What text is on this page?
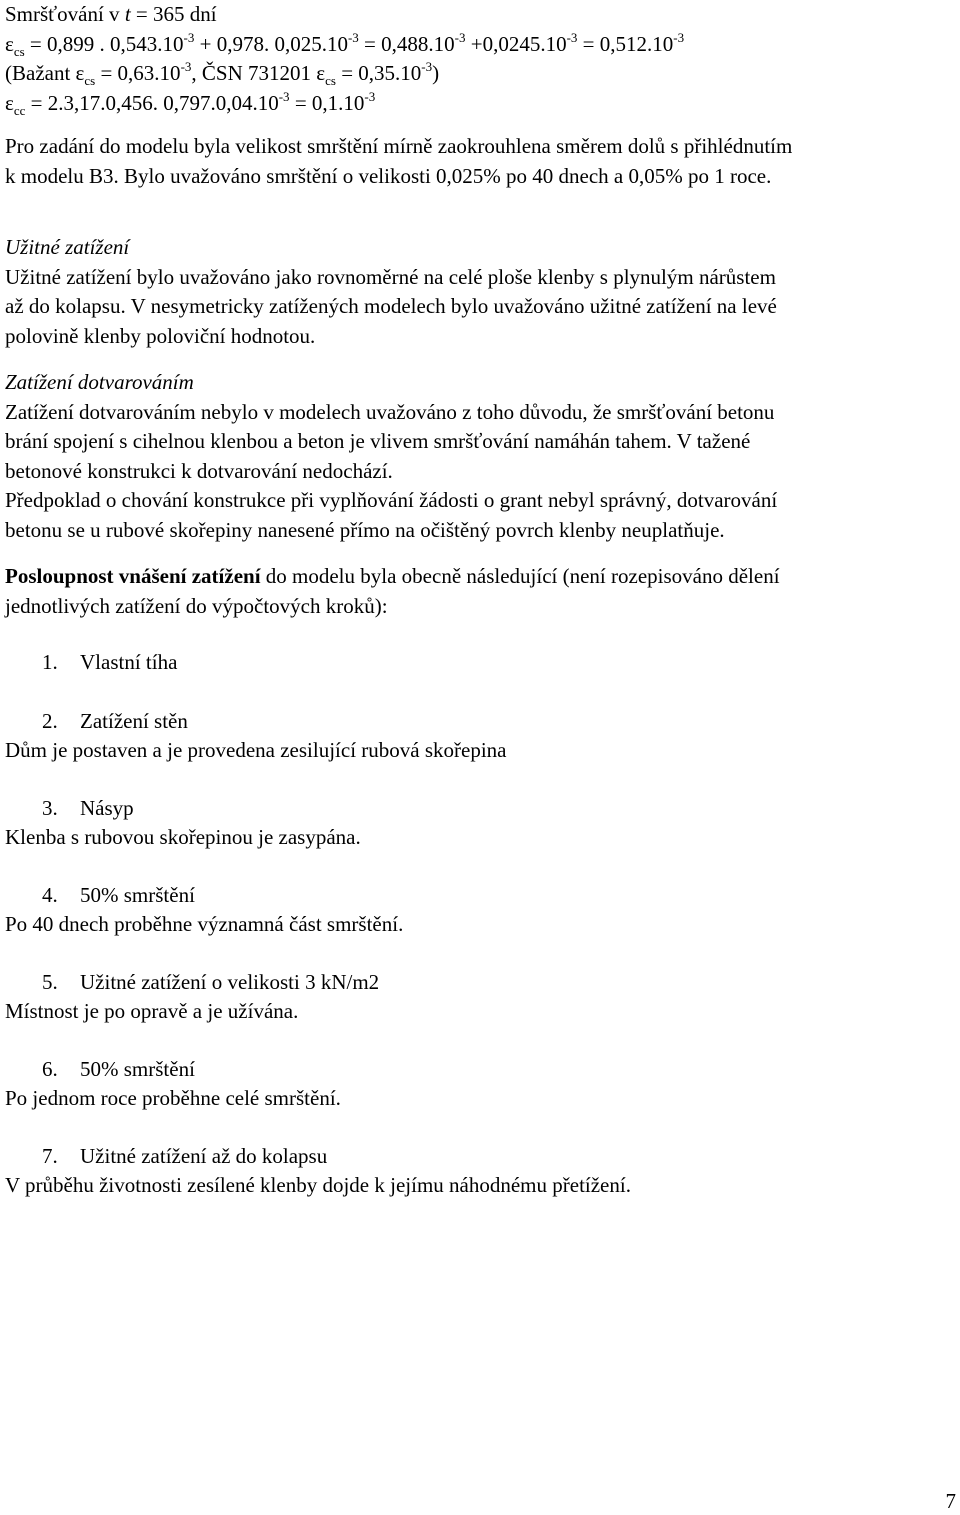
Smršťování v t = 365 dní
$\varepsilon_{cs} = 0,899$ . $0,543.10^{-3} + 0,978$. $0,025.10^{-3} = 0,488.10^{-3} +0,0245.10^{-3} = 0,512.10^{-3}$
(Bažant $\varepsilon_{cs} = 0,63.10^{-3}$, ČSN 731201 $\varepsilon_{cs} = 0,35.10^{-3}$)
$\varepsilon_{cc} = 2.3,17.0,456$. $0,797.0,04.10^{-3} = 0,1.10^{-3}$
Pro zadání do modelu byla velikost smrštění mírně zaokrouhlena směrem dolů s přihlédnutím
k modelu B3. Bylo uvažováno smrštění o velikosti 0,025% po 40 dnech a 0,05% po 1 roce.
Užitné zatížení
Užitné zatížení bylo uvažováno jako rovnoměrné na celé ploše klenby s plynulým nárůstem
až do kolapsu. V nesymetricky zatížených modelech bylo uvažováno užitné zatížení na levé
polovině klenby poloviční hodnotou.
Zatížení dotvarováním
Zatížení dotvarováním nebylo v modelech uvažováno z toho důvodu, že smršťování betonu
brání spojení s cihelnou klenbou a beton je vlivem smršťování namáhán tahem. V tažené
betonové konstrukci k dotvarování nedochází.
Předpoklad o chování konstrukce při vyplňování žádosti o grant nebyl správný, dotvarování
betonu se u rubové skořepiny nanesené přímo na očištěný povrch klenby neuplatňuje.
Posloupnost vnášení zatížení do modelu byla obecně následující (není rozepisováno dělení
jednotlivých zatížení do výpočtových kroků):
1. Vlastní tíha
2. Zatížení stěn
Dům je postaven a je provedena zesilující rubová skořepina
3. Násyp
Klenba s rubovou skořepinou je zasypána.
4. 50% smrštění
Po 40 dnech proběhne významná část smrštění.
5. Užitné zatížení o velikosti 3 kN/m2
Místnost je po opravě a je užívána.
6. 50% smrštění
Po jednom roce proběhne celé smrštění.
7. Užitné zatížení až do kolapsu
V průběhu životnosti zesílené klenby dojde k jejímu náhodnému přetížení.
7
